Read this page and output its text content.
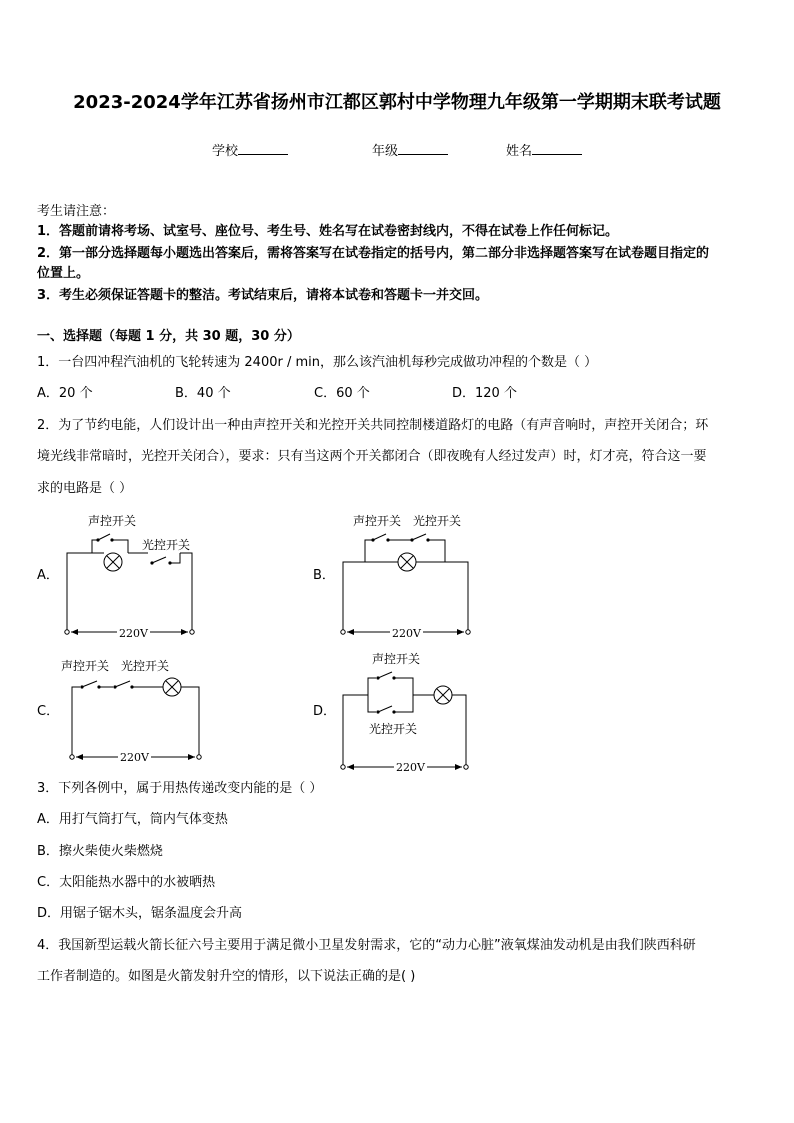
2023-2024学年江苏省扬州市江都区郭村中学物理九年级第一学期期末联考试题
学校	年级	姓名
考生请注意：
1．答题前请将考场、试室号、座位号、考生号、姓名写在试卷密封线内，不得在试卷上作任何标记。
2．第一部分选择题每小题选出答案后，需将答案写在试卷指定的括号内，第二部分非选择题答案写在试卷题目指定的
位置上。
3．考生必须保证答题卡的整洁。考试结束后，请将本试卷和答题卡一并交回。
一、选择题（每题 1 分，共 30 题，30 分）
1．一台四冲程汽油机的飞轮转速为 2400r / min，那么该汽油机每秒完成做功冲程的个数是（ ）
A．20 个	B．40 个	C．60 个	D．120 个
2．为了节约电能，人们设计出一种由声控开关和光控开关共同控制楼道路灯的电路（有声音响时，声控开关闭合；环
境光线非常暗时，光控开关闭合），要求：只有当这两个开关都闭合（即夜晚有人经过发声）时，灯才亮，符合这一要
求的电路是（ ）
A．	B．
C．	D．
声控开关
光控开关
220V
声控开关 光控开关
220V
声控开关 光控开关
220V
声控开关
光控开关
220V
3．下列各例中，属于用热传递改变内能的是（ ）
A．用打气筒打气，筒内气体变热
B．擦火柴使火柴燃烧
C．太阳能热水器中的水被晒热
D．用锯子锯木头，锯条温度会升高
4．我国新型运载火箭长征六号主要用于满足微小卫星发射需求，它的“动力心脏”液氧煤油发动机是由我们陕西科研
工作者制造的。如图是火箭发射升空的情形，以下说法正确的是( )
